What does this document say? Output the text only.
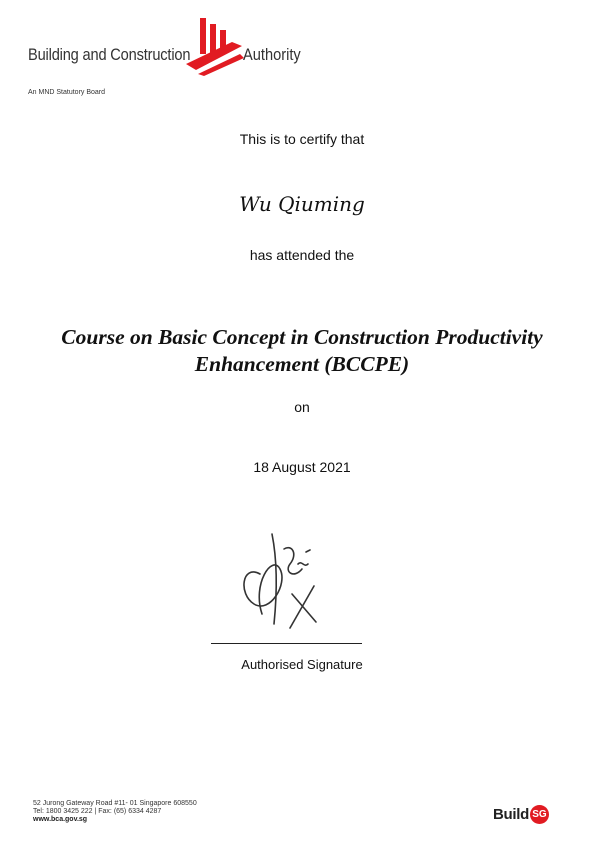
Building and Construction	Authority
An MND Statutory Board
This is to certify that
Wu Qiuming
has attended the
Course on Basic Concept in Construction Productivity
Enhancement (BCCPE)
on
18 August 2021
Authorised Signature
52 Jurong Gateway Road #11- 01 Singapore 608550
Tel: 1800 3425 222 | Fax: (65) 6334 4287
www.bca.gov.sg	Build SG
